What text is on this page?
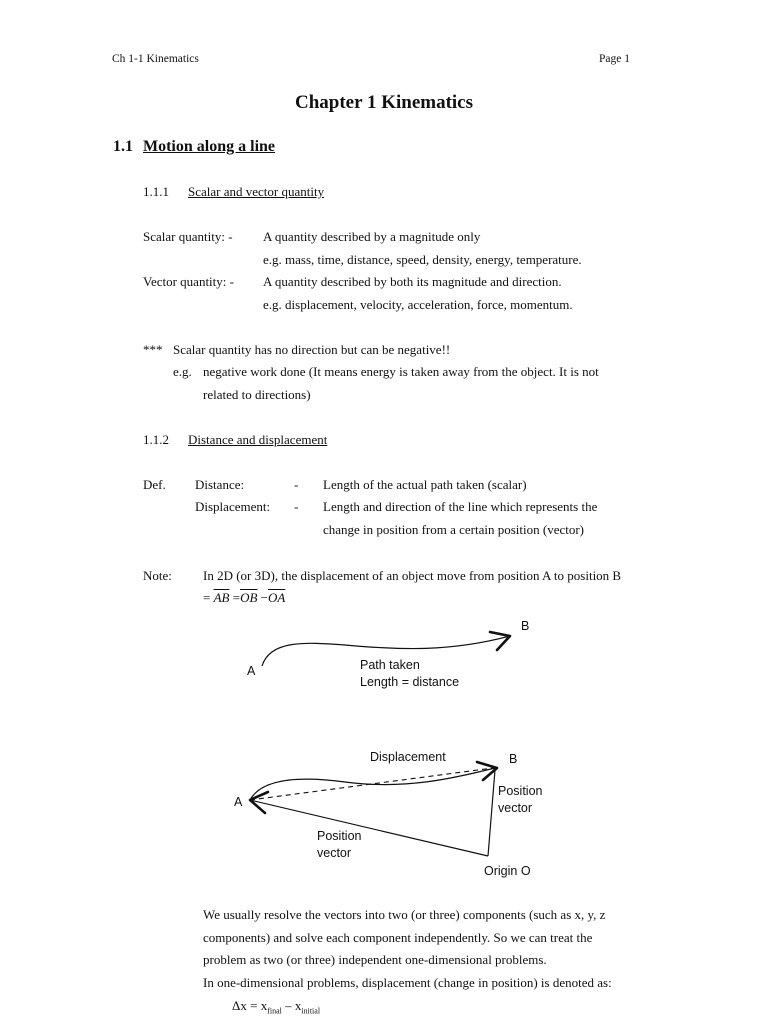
Ch 1-1 Kinematics	Page 1
Chapter 1 Kinematics
1.1 Motion along a line
1.1.1 Scalar and vector quantity
Scalar quantity: - A quantity described by a magnitude only
e.g. mass, time, distance, speed, density, energy, temperature.
Vector quantity: - A quantity described by both its magnitude and direction.
e.g. displacement, velocity, acceleration, force, momentum.
*** Scalar quantity has no direction but can be negative!!
e.g. negative work done (It means energy is taken away from the object. It is not
related to directions)
1.1.2 Distance and displacement
Def. Distance:	- Length of the actual path taken (scalar)
Displacement: - Length and direction of the line which represents the
change in position from a certain position (vector)
Note: In 2D (or 3D), the displacement of an object move from position A to position B
= $\overline{AB} =\overline{OB} -\overline{OA}$
A
B
Path taken
Length = distance
Displacement
A
B
Position
vector
Position
vector
Origin O
We usually resolve the vectors into two (or three) components (such as x, y, z
components) and solve each component independently. So we can treat the
problem as two (or three) independent one-dimensional problems.
In one-dimensional problems, displacement (change in position) is denoted as:
$\Delta x = x_{final} - x_{initial}$
